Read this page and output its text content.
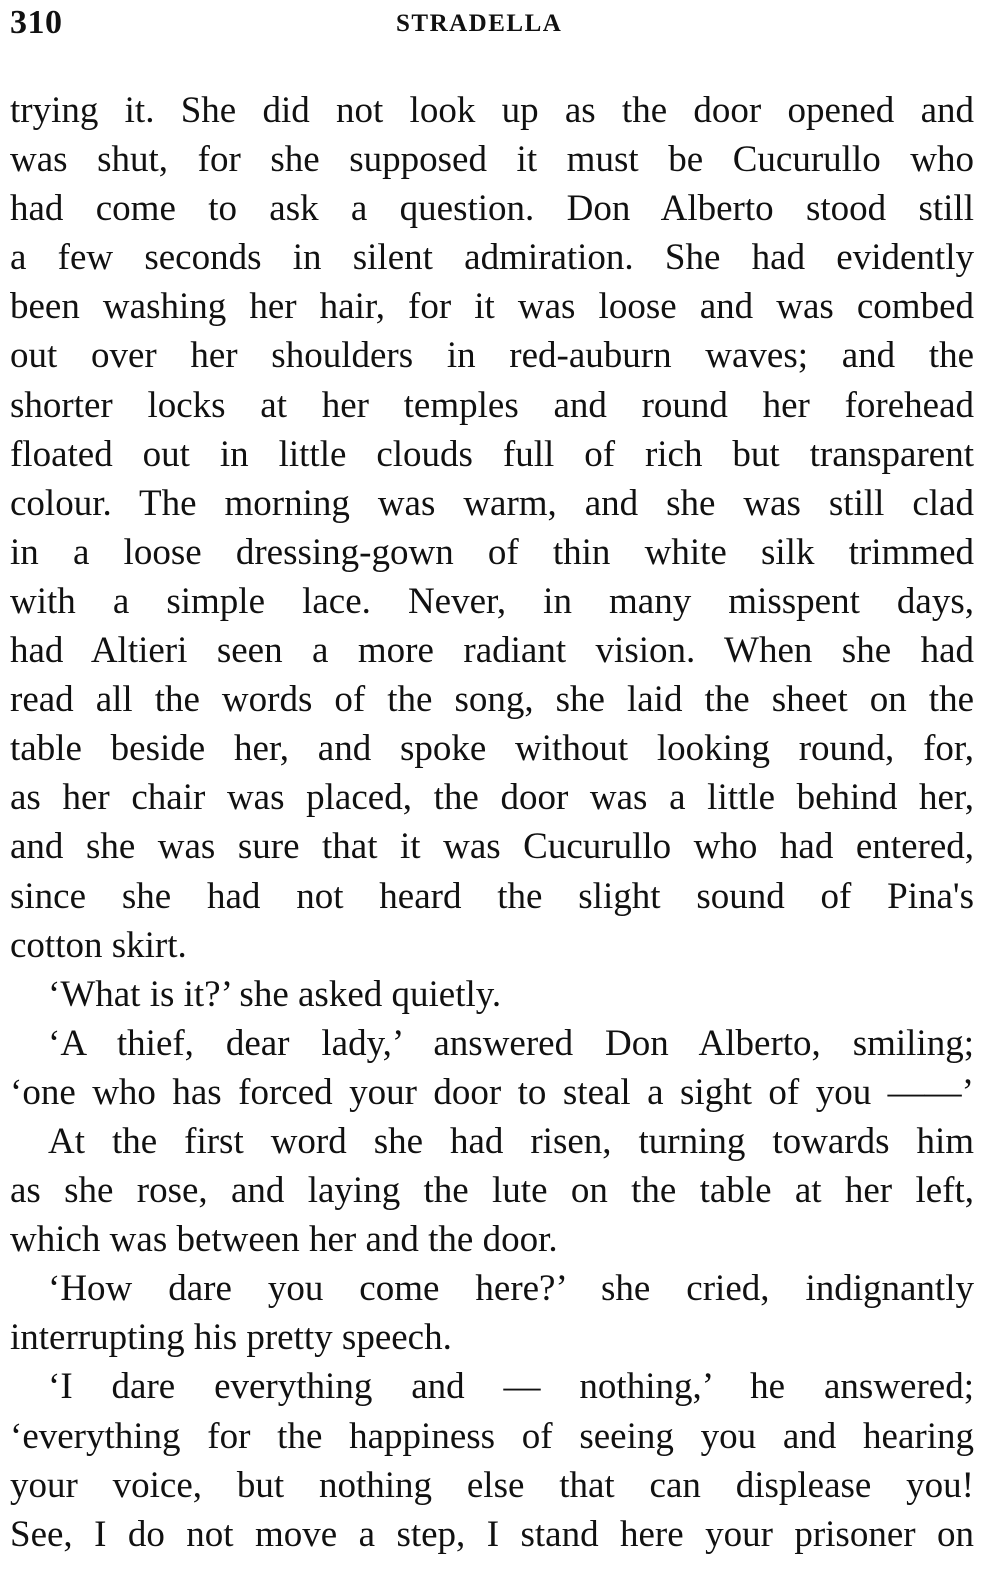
310	STRADELLA
trying it. She did not look up as the door opened and
was shut, for she supposed it must be Cucurullo who
had come to ask a question. Don Alberto stood still
a few seconds in silent admiration. She had evidently
been washing her hair, for it was loose and was combed
out over her shoulders in red-auburn waves; and the
shorter locks at her temples and round her forehead
floated out in little clouds full of rich but transparent
colour. The morning was warm, and she was still clad
in a loose dressing-gown of thin white silk trimmed
with a simple lace. Never, in many misspent days,
had Altieri seen a more radiant vision. When she had
read all the words of the song, she laid the sheet on the
table beside her, and spoke without looking round, for,
as her chair was placed, the door was a little behind her,
and she was sure that it was Cucurullo who had entered,
since she had not heard the slight sound of Pina's
cotton skirt.
‘What is it?’ she asked quietly.
‘A thief, dear lady,’ answered Don Alberto, smiling;
‘one who has forced your door to steal a sight of you ——’
At the first word she had risen, turning towards him
as she rose, and laying the lute on the table at her left,
which was between her and the door.
‘How dare you come here?’ she cried, indignantly
interrupting his pretty speech.
‘I dare everything and — nothing,’ he answered;
‘everything for the happiness of seeing you and hearing
your voice, but nothing else that can displease you!
See, I do not move a step, I stand here your prisoner on
